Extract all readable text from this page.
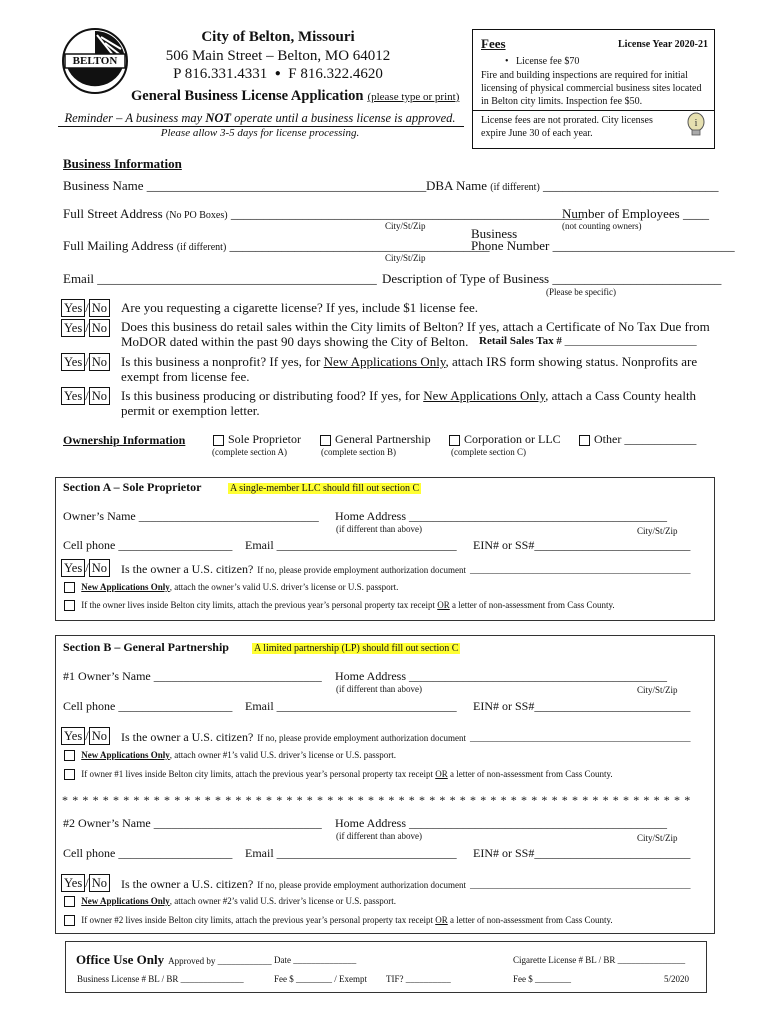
BELTON
City of Belton, Missouri
506 Main Street – Belton, MO 64012
P 816.331.4331 ● F 816.322.4620
General Business License Application (please type or print)
Reminder – A business may NOT operate until a business license is approved.
Please allow 3-5 days for license processing.
Fees	License Year 2020-21
•   License fee $70
Fire and building inspections are required for initial licensing of physical commercial business sites located in Belton city limits. Inspection fee $50.
License fees are not prorated. City licenses expire June 30 of each year.
i
Business Information
Business Name ___________________________________________ DBA Name (if different) ___________________________
Full Street Address (No PO Boxes) ______________________________________________________
Number of Employees ____
City/St/Zip	(not counting owners)
Full Mailing Address (if different) ________________________________________
Business
Phone Number ____________________________
City/St/Zip
Email ___________________________________________ Description of Type of Business __________________________
(Please be specific)
Yes / No Are you requesting a cigarette license? If yes, include $1 license fee.
Yes / No Does this business do retail sales within the City limits of Belton? If yes, attach a Certificate of No Tax Due from
MoDOR dated within the past 90 days showing the City of Belton. Retail Sales Tax # ________________________
Yes / No Is this business a nonprofit? If yes, for New Applications Only, attach IRS form showing status. Nonprofits are
exempt from license fee.
Yes / No Is this business producing or distributing food? If yes, for New Applications Only, attach a Cass County health
permit or exemption letter.
Ownership Information	Sole Proprietor
(complete section A)
General Partnership
(complete section B)
Corporation or LLC
(complete section C)
Other ____________
Section A – Sole Proprietor	A single-member LLC should fill out section C
Owner’s Name ______________________________ Home Address ___________________________________________
(if different than above)	City/St/Zip
Cell phone ___________________ Email ______________________________ EIN# or SS#__________________________
Yes / No Is the owner a U.S. citizen? If no, please provide employment authorization document _________________________________________________
New Applications Only, attach the owner’s valid U.S. driver’s license or U.S. passport.
If the owner lives inside Belton city limits, attach the previous year’s personal property tax receipt OR a letter of non-assessment from Cass County.
Section B – General Partnership	A limited partnership (LP) should fill out section C
#1 Owner’s Name ____________________________ Home Address ___________________________________________
(if different than above)	City/St/Zip
Cell phone ___________________ Email ______________________________ EIN# or SS#__________________________
Yes / No Is the owner a U.S. citizen? If no, please provide employment authorization document _________________________________________________
New Applications Only, attach owner #1’s valid U.S. driver’s license or U.S. passport.
If owner #1 lives inside Belton city limits, attach the previous year’s personal property tax receipt OR a letter of non-assessment from Cass County.
* * * * * * * * * * * * * * * * * * * * * * * * * * * * * * * * * * * * * * * * * * * * * * * * * * * * * * * * * * * * * *
#2 Owner’s Name ____________________________ Home Address ___________________________________________
(if different than above)	City/St/Zip
Cell phone ___________________ Email ______________________________ EIN# or SS#__________________________
Yes / No Is the owner a U.S. citizen? If no, please provide employment authorization document _________________________________________________
New Applications Only, attach owner #2’s valid U.S. driver’s license or U.S. passport.
If owner #2 lives inside Belton city limits, attach the previous year’s personal property tax receipt OR a letter of non-assessment from Cass County.
Office Use Only Approved by ____________ Date ______________	Cigarette License # BL / BR _______________
Business License # BL / BR ______________	Fee $ ________ / Exempt TIF? __________	Fee $ ________	5/2020
